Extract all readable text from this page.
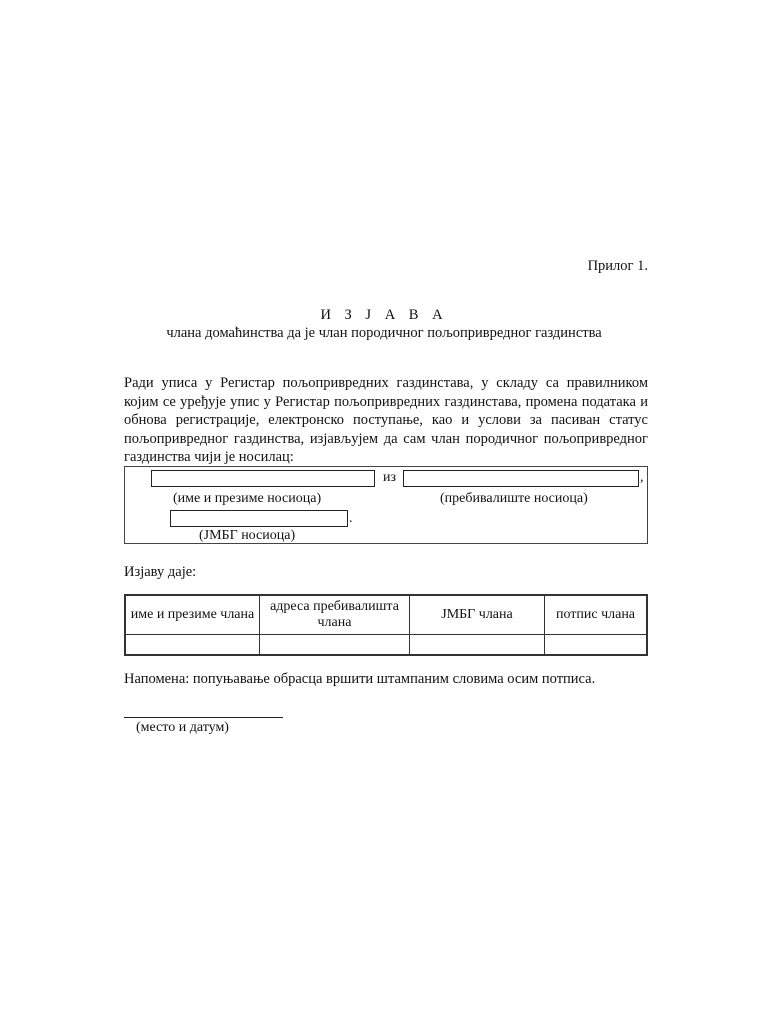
Прилог 1.
И З Ј А В А
члана домаћинства да је члан породичног пољопривредног газдинства
Ради уписа у Регистар пољопривредних газдинстава, у складу са правилником којим се уређује упис у Регистар пољопривредних газдинстава, промена података и обнова регистрације, електронско поступање, као и услови за пасиван статус пољопривредног газдинства, изјављујем да сам члан породичног пољопривредног газдинства чији је носилац:
из	,
(име и презиме носиоца)	(пребивалиште носиоца)
.
(ЈМБГ носиоца)
Изјаву даје:
име и презиме члана	адреса пребивалишта члана	ЈМБГ члана	потпис члана

Напомена: попуњавање обрасца вршити штампаним словима осим потписа.
(место и датум)
